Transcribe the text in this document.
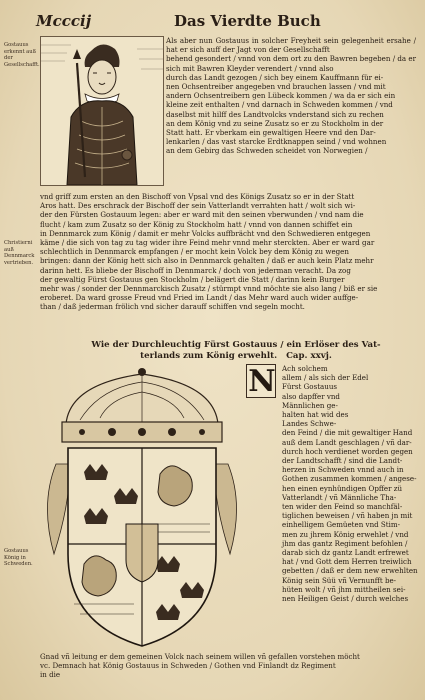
Mcccij	Das Vierdte Buch
Gostauus erkennt auß der Gesellschafft.
Christierni auß Dennmarck vertrieben.
Gostauus König in Schweden.

Als aber nun Gostauus in solcher Freyheit sein gelegenheit ersahe / hat er sich auff der Jagt von der Gesellschafft

behend gesondert / vnnd von dem ort zu den Bawren begeben / da er sich mit Bawren Kleyder verendert / vnnd also

durch das Landt gezogen / sich bey einem Kauffmann für ei-

nen Ochsentreiber angegeben vnd brauchen lassen / vnd mit

andern Ochsentreibern gen Lübeck kommen / wa da er sich ein

kleine zeit enthalten / vnd darnach in Schweden kommen / vnd

daselbst mit hilff des Landtvolcks vnderstand sich zu rechen

an dem König vnd zu seine Zusatz so er zu Stockholm in der

Statt hatt. Er vberkam ein gewaltigen Heere vnd den Dar-

lenkarlen / das vast starcke Erdtknappen seind / vnd wohnen

an dem Gebirg das Schweden scheidet von Norwegien /

vnd griff zum ersten an den Bischoff von Vpsal vnd des Königs Zusatz so er in der Statt

Aros hatt. Des erschrack der Bischoff der sein Vatterlandt verrahten hatt / wolt sich wi-

der den Fürsten Gostauum legen: aber er ward mit den seinen vberwunden / vnd nam die

flucht / kam zum Zusatz so der König zu Stockholm hatt / vnnd von dannen schiffet ein

in Dennmarck zum König / damit er mehr Volcks auffbrächt vnd den Schwedieren entgegen

käme / die sich von tag zu tag wider ihre Feind mehr vnnd mehr sterckten. Aber er ward gar

schlechtlich in Dennmarck empfangen / er mocht kein Volck bey dem König zu wegen

bringen: dann der König hett sich also in Dennmarck gehalten / daß er auch kein Platz mehr

darinn hett. Es bliebe der Bischoff in Dennmarck / doch von jederman veracht. Da zog

der gewaltig Fürst Gostauus gen Stockholm / belägert die Statt / darinn kein Burger

mehr was / sonder der Dennmarckisch Zusatz / stürmpt vnnd möchte sie also lang / biß er sie

eroberet. Da ward grosse Freud vnd Fried im Landt / das Mehr ward auch wider auffge-

than / daß jederman frölich vnd sicher darauff schiffen vnd segeln mocht.

Wie der Durchleuchtig Fürst Gostauus / ein Erlöser des Vat-
terlands zum König erwehlt. Cap. xxvj.
N Ach solchem

allem / als sich der Edel

Fürst Gostauus

also dapffer vnd

Männlichen ge-

halten hat wid des

Landes Schwe-

den Feind / die mit gewaltiger Hand

auß dem Landt geschlagen / vñ dar-

durch hoch verdienet worden gegen

der Landtschafft / sind die Landt-

herzen in Schweden vnnd auch in

Gothen zusammen kommen / angese-

hen einen eynhündigen Opffer zü

Vatterlandt / vñ Männliche Tha-

ten wider den Feind so manchfäl-

tiglichen beweisen / vñ haben jn mit

einhelligem Gemüeten vnd Stim-

men zu jhrem König erwehlet / vnd

jhm das gantz Regiment befohlen /

darab sich dz gantz Landt erfrewet

hat / vnd Gott dem Herren treiwlich

gebetten / daß er dem new erwehlten

König sein Süü vñ Vernunfft be-

hüten wolt / vñ jhm mittheilen sei-

nen Heiligen Geist / durch welches

Gnad vñ leitung er dem gemeinen Volck nach seinem willen vñ gefallen vorstehen möcht

vc. Demnach hat König Gostauus in Schweden / Gothen vnd Finlandt dz Regiment

in die
